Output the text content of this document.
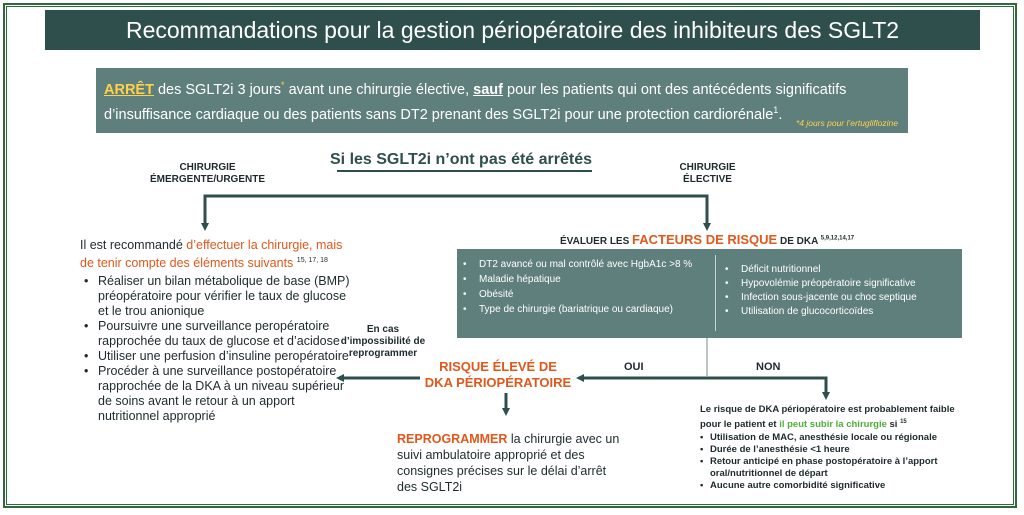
Recommandations pour la gestion périopératoire des inhibiteurs des SGLT2
ARRÊT des SGLT2i 3 jours* avant une chirurgie élective, sauf pour les patients qui ont des antécédents significatifs d’insuffisance cardiaque ou des patients sans DT2 prenant des SGLT2i pour une protection cardiorénale$^1$.
*4 jours pour l’ertugliflozine
Si les SGLT2i n’ont pas été arrêtés
CHIRURGIE ÉMERGENTE/URGENTE
CHIRURGIE ÉLECTIVE
Il est recommandé d’effectuer la chirurgie, mais de tenir compte des éléments suivants $^{15, 17, 18}$
• Réaliser un bilan métabolique de base (BMP) préopératoire pour vérifier le taux de glucose et le trou anionique
• Poursuivre une surveillance peropératoire rapprochée du taux de glucose et d’acidose
• Utiliser une perfusion d’insuline peropératoire
• Procéder à une surveillance postopératoire rapprochée de la DKA à un niveau supérieur de soins avant le retour à un apport nutritionnel approprié
ÉVALUER LES FACTEURS DE RISQUE DE DKA $^{5,9,12,14,17}$
• DT2 avancé ou mal contrôlé avec HgbA1c >8 %
• Maladie hépatique
• Obésité
• Type de chirurgie (bariatrique ou cardiaque)
• Déficit nutritionnel
• Hypovolémie préopératoire significative
• Infection sous-jacente ou choc septique
• Utilisation de glucocorticoïdes
OUI	NON
RISQUE ÉLEVÉ DE DKA PÉRIOPÉRATOIRE
En cas d’impossibilité de reprogrammer
REPROGRAMMER la chirurgie avec un suivi ambulatoire approprié et des consignes précises sur le délai d’arrêt des SGLT2i
Le risque de DKA périopératoire est probablement faible pour le patient et il peut subir la chirurgie si $^{15}$
• Utilisation de MAC, anesthésie locale ou régionale
• Durée de l’anesthésie <1 heure
• Retour anticipé en phase postopératoire à l’apport oral/nutritionnel de départ
• Aucune autre comorbidité significative
